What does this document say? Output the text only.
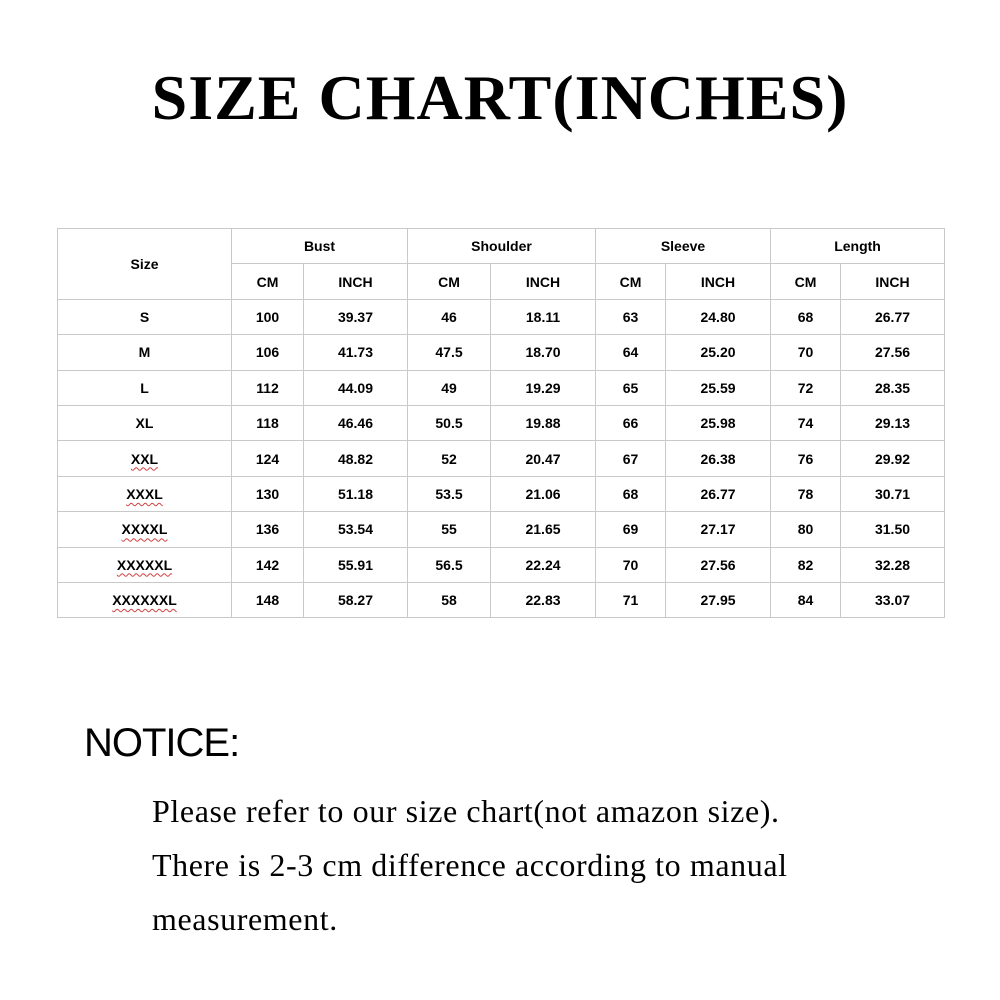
SIZE CHART(INCHES)
Size	Bust		Shoulder		Sleeve		Length	
	CM	INCH	CM	INCH	CM	INCH	CM	INCH
S	100	39.37	46	18.11	63	24.80	68	26.77
M	106	41.73	47.5	18.70	64	25.20	70	27.56
L	112	44.09	49	19.29	65	25.59	72	28.35
XL	118	46.46	50.5	19.88	66	25.98	74	29.13
XXL	124	48.82	52	20.47	67	26.38	76	29.92
XXXL	130	51.18	53.5	21.06	68	26.77	78	30.71
XXXXL	136	53.54	55	21.65	69	27.17	80	31.50
XXXXXL	142	55.91	56.5	22.24	70	27.56	82	32.28
XXXXXXL	148	58.27	58	22.83	71	27.95	84	33.07
NOTICE:
Please refer to our size chart(not amazon size).
There is 2-3 cm difference according to manual
measurement.
